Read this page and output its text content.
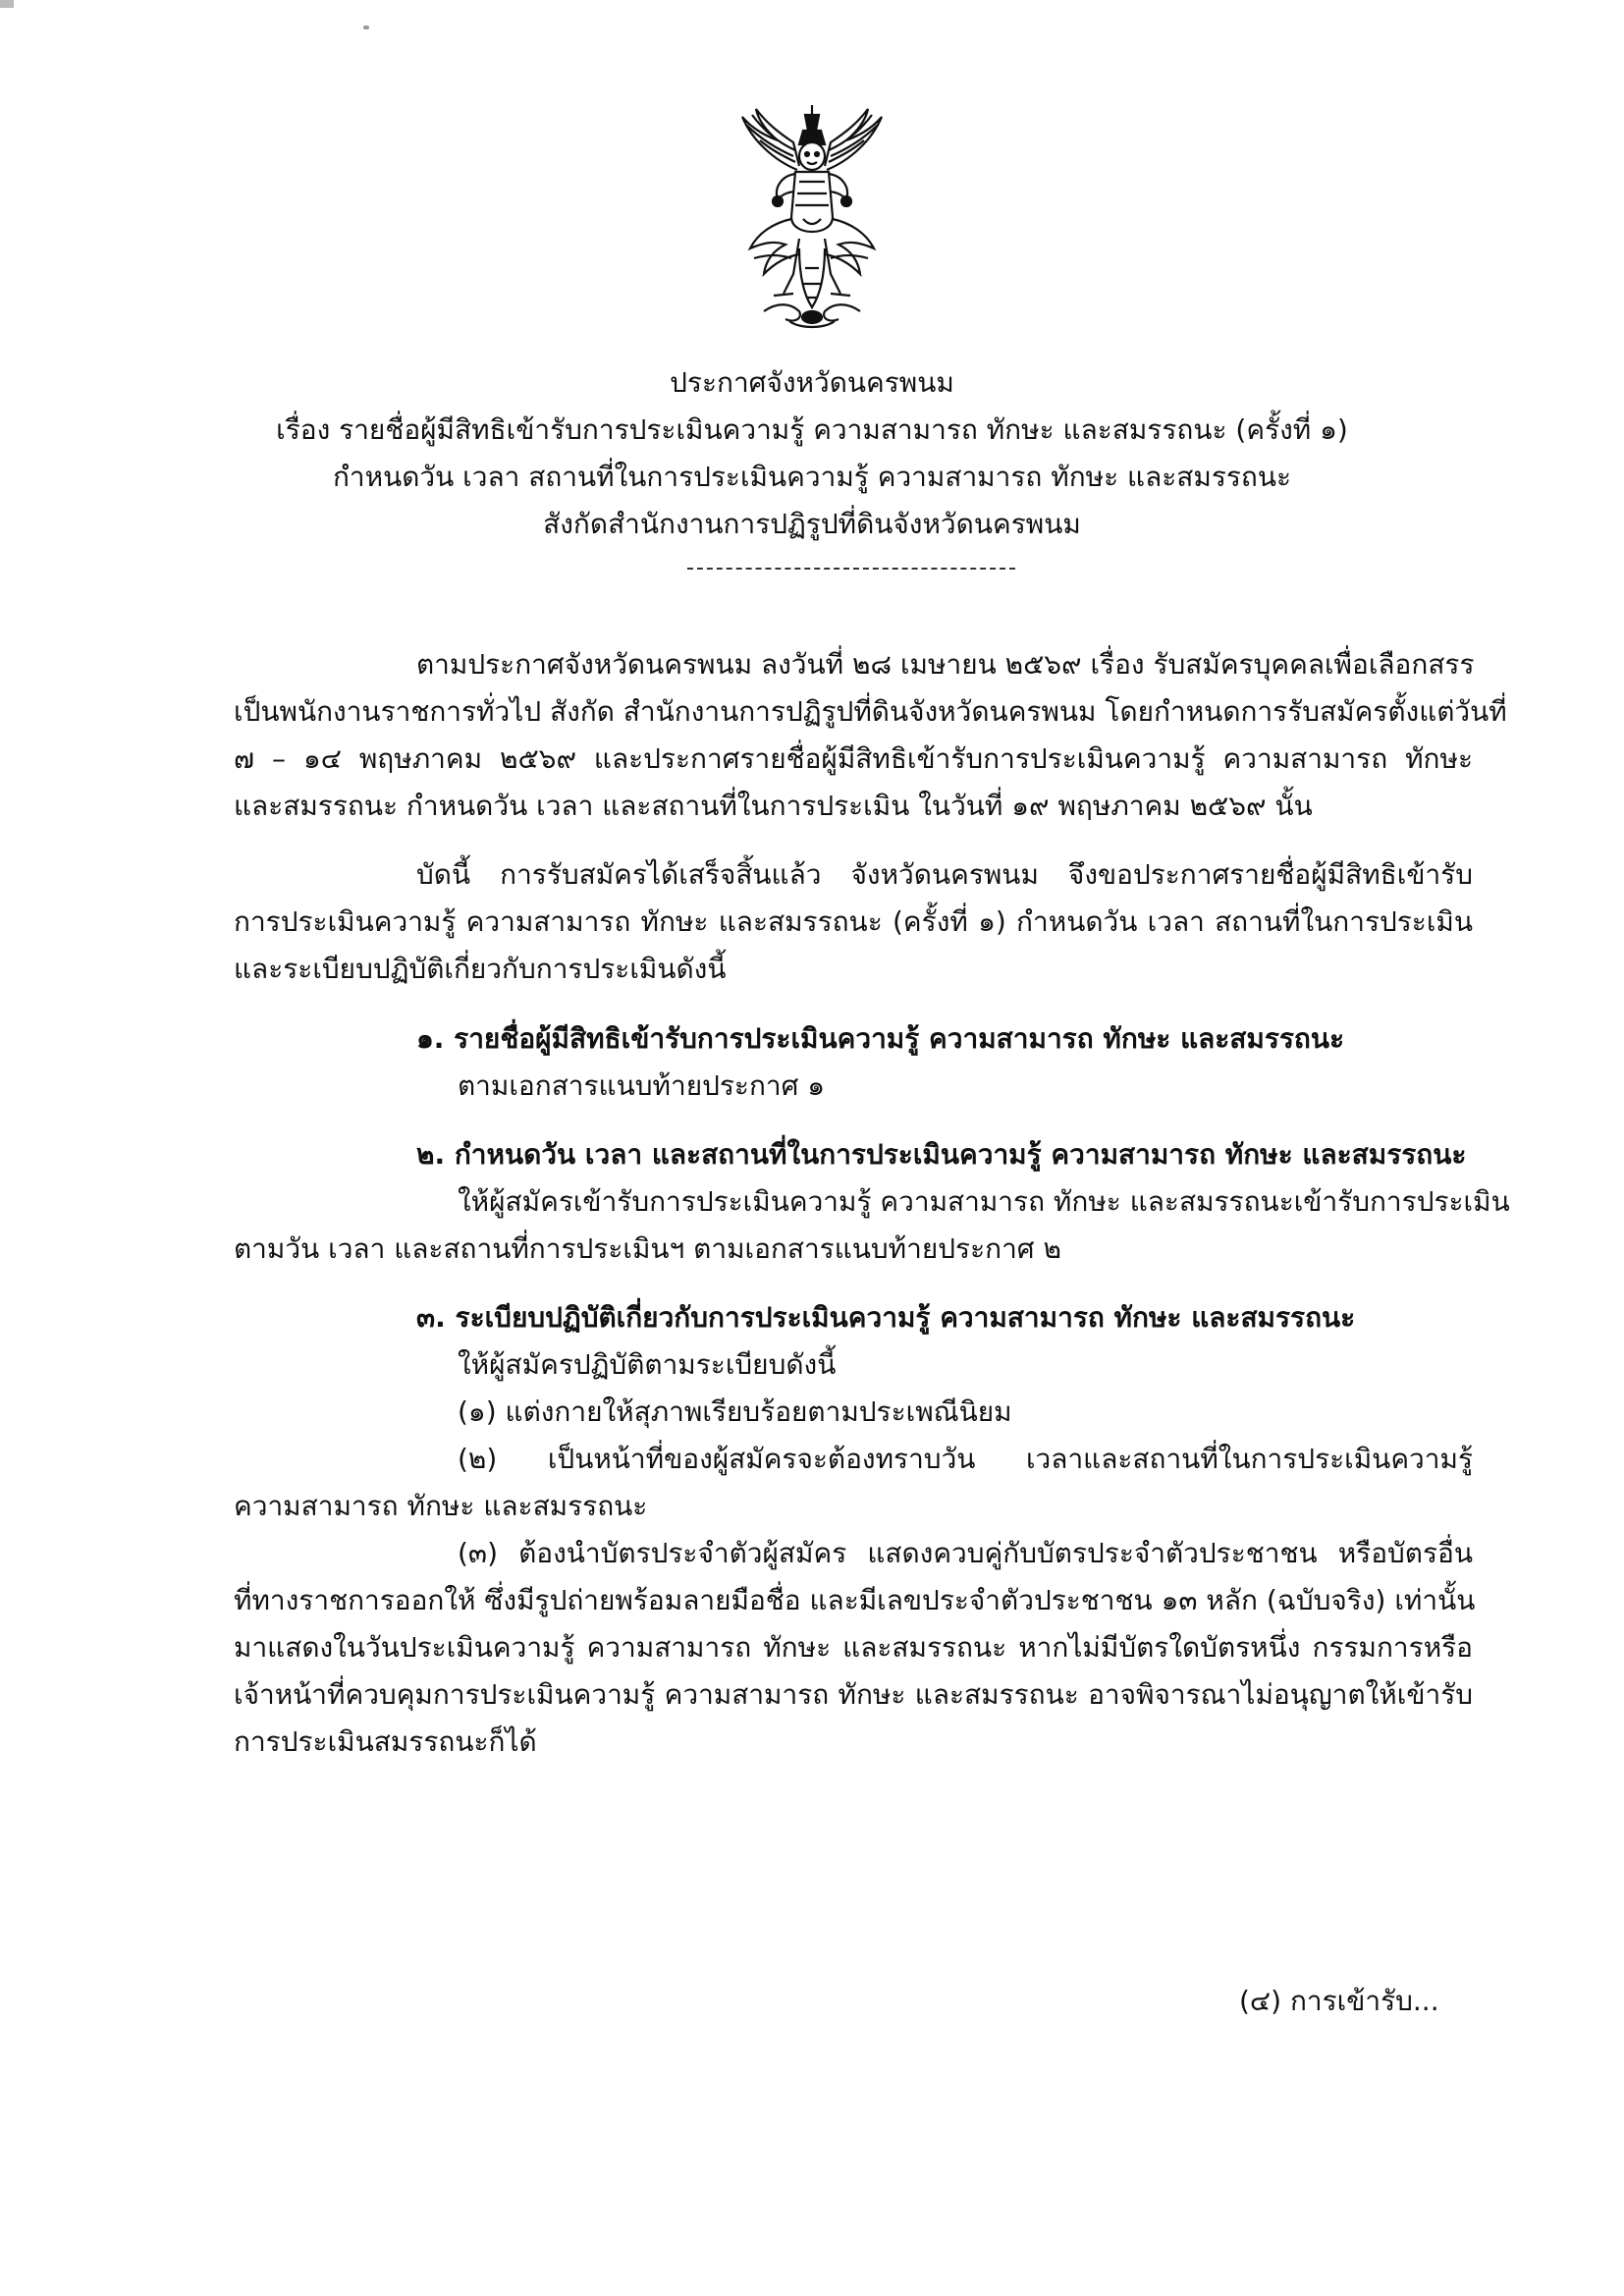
ประกาศจังหวัดนครพนม
เรื่อง รายชื่อผู้มีสิทธิเข้ารับการประเมินความรู้ ความสามารถ ทักษะ และสมรรถนะ (ครั้งที่ ๑)
กำหนดวัน เวลา สถานที่ในการประเมินความรู้ ความสามารถ ทักษะ และสมรรถนะ
สังกัดสำนักงานการปฏิรูปที่ดินจังหวัดนครพนม
ตามประกาศจังหวัดนครพนม ลงวันที่ ๒๘ เมษายน ๒๕๖๙ เรื่อง รับสมัครบุคคลเพื่อเลือกสรร
เป็นพนักงานราชการทั่วไป สังกัด สำนักงานการปฏิรูปที่ดินจังหวัดนครพนม โดยกำหนดการรับสมัครตั้งแต่วันที่
๗ – ๑๔ พฤษภาคม ๒๕๖๙ และประกาศรายชื่อผู้มีสิทธิเข้ารับการประเมินความรู้ ความสามารถ ทักษะ
และสมรรถนะ กำหนดวัน เวลา และสถานที่ในการประเมิน ในวันที่ ๑๙ พฤษภาคม ๒๕๖๙ นั้น
บัดนี้ การรับสมัครได้เสร็จสิ้นแล้ว จังหวัดนครพนม จึงขอประกาศรายชื่อผู้มีสิทธิเข้ารับ
การประเมินความรู้ ความสามารถ ทักษะ และสมรรถนะ (ครั้งที่ ๑) กำหนดวัน เวลา สถานที่ในการประเมิน
และระเบียบปฏิบัติเกี่ยวกับการประเมินดังนี้
๑. รายชื่อผู้มีสิทธิเข้ารับการประเมินความรู้ ความสามารถ ทักษะ และสมรรถนะ
ตามเอกสารแนบท้ายประกาศ ๑
๒. กำหนดวัน เวลา และสถานที่ในการประเมินความรู้ ความสามารถ ทักษะ และสมรรถนะ
ให้ผู้สมัครเข้ารับการประเมินความรู้ ความสามารถ ทักษะ และสมรรถนะเข้ารับการประเมิน
ตามวัน เวลา และสถานที่การประเมินฯ ตามเอกสารแนบท้ายประกาศ ๒
๓. ระเบียบปฏิบัติเกี่ยวกับการประเมินความรู้ ความสามารถ ทักษะ และสมรรถนะ
ให้ผู้สมัครปฏิบัติตามระเบียบดังนี้
(๑) แต่งกายให้สุภาพเรียบร้อยตามประเพณีนิยม
(๒) เป็นหน้าที่ของผู้สมัครจะต้องทราบวัน เวลาและสถานที่ในการประเมินความรู้
ความสามารถ ทักษะ และสมรรถนะ
(๓) ต้องนำบัตรประจำตัวผู้สมัคร แสดงควบคู่กับบัตรประจำตัวประชาชน หรือบัตรอื่น
ที่ทางราชการออกให้ ซึ่งมีรูปถ่ายพร้อมลายมือชื่อ และมีเลขประจำตัวประชาชน ๑๓ หลัก (ฉบับจริง) เท่านั้น
มาแสดงในวันประเมินความรู้ ความสามารถ ทักษะ และสมรรถนะ หากไม่มีบัตรใดบัตรหนึ่ง กรรมการหรือ
เจ้าหน้าที่ควบคุมการประเมินความรู้ ความสามารถ ทักษะ และสมรรถนะ อาจพิจารณาไม่อนุญาตให้เข้ารับ
การประเมินสมรรถนะก็ได้
(๔) การเข้ารับ...
